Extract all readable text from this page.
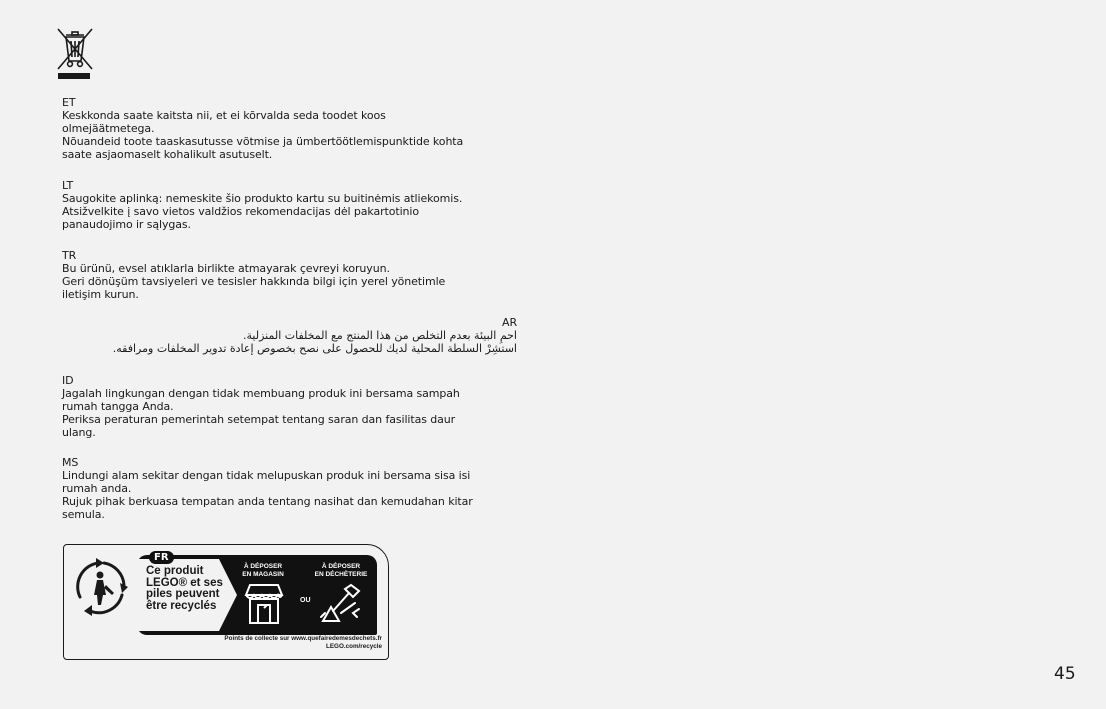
ET
Keskkonda saate kaitsta nii, et ei kõrvalda seda toodet koos
olmejäätmetega.
Nõuandeid toote taaskasutusse võtmise ja ümbertöötlemispunktide kohta
saate asjaomaselt kohalikult asutuselt.
LT
Saugokite aplinką: nemeskite šio produkto kartu su buitinėmis atliekomis.
Atsižvelkite į savo vietos valdžios rekomendacijas dėl pakartotinio
panaudojimo ir sąlygas.
TR
Bu ürünü, evsel atıklarla birlikte atmayarak çevreyi koruyun.
Geri dönüşüm tavsiyeleri ve tesisler hakkında bilgi için yerel yönetimle
iletişim kurun.
AR
احمِ البيئة بعدم التخلص من هذا المنتج مع المخلفات المنزلية.
استشِرْ السلطة المحلية لديك للحصول على نصح بخصوص إعادة تدوير المخلفات ومرافقه.
ID
Jagalah lingkungan dengan tidak membuang produk ini bersama sampah
rumah tangga Anda.
Periksa peraturan pemerintah setempat tentang saran dan fasilitas daur
ulang.
MS
Lindungi alam sekitar dengan tidak melupuskan produk ini bersama sisa isi
rumah anda.
Rujuk pihak berkuasa tempatan anda tentang nasihat dan kemudahan kitar
semula.
FR
Ce produit
LEGO® et ses
piles peuvent
être recyclés
À DÉPOSER
EN MAGASIN
À DÉPOSER
EN DÉCHÈTERIE
OU
Points de collecte sur www.quefairedemesdechets.fr
LEGO.com/recycle
45
